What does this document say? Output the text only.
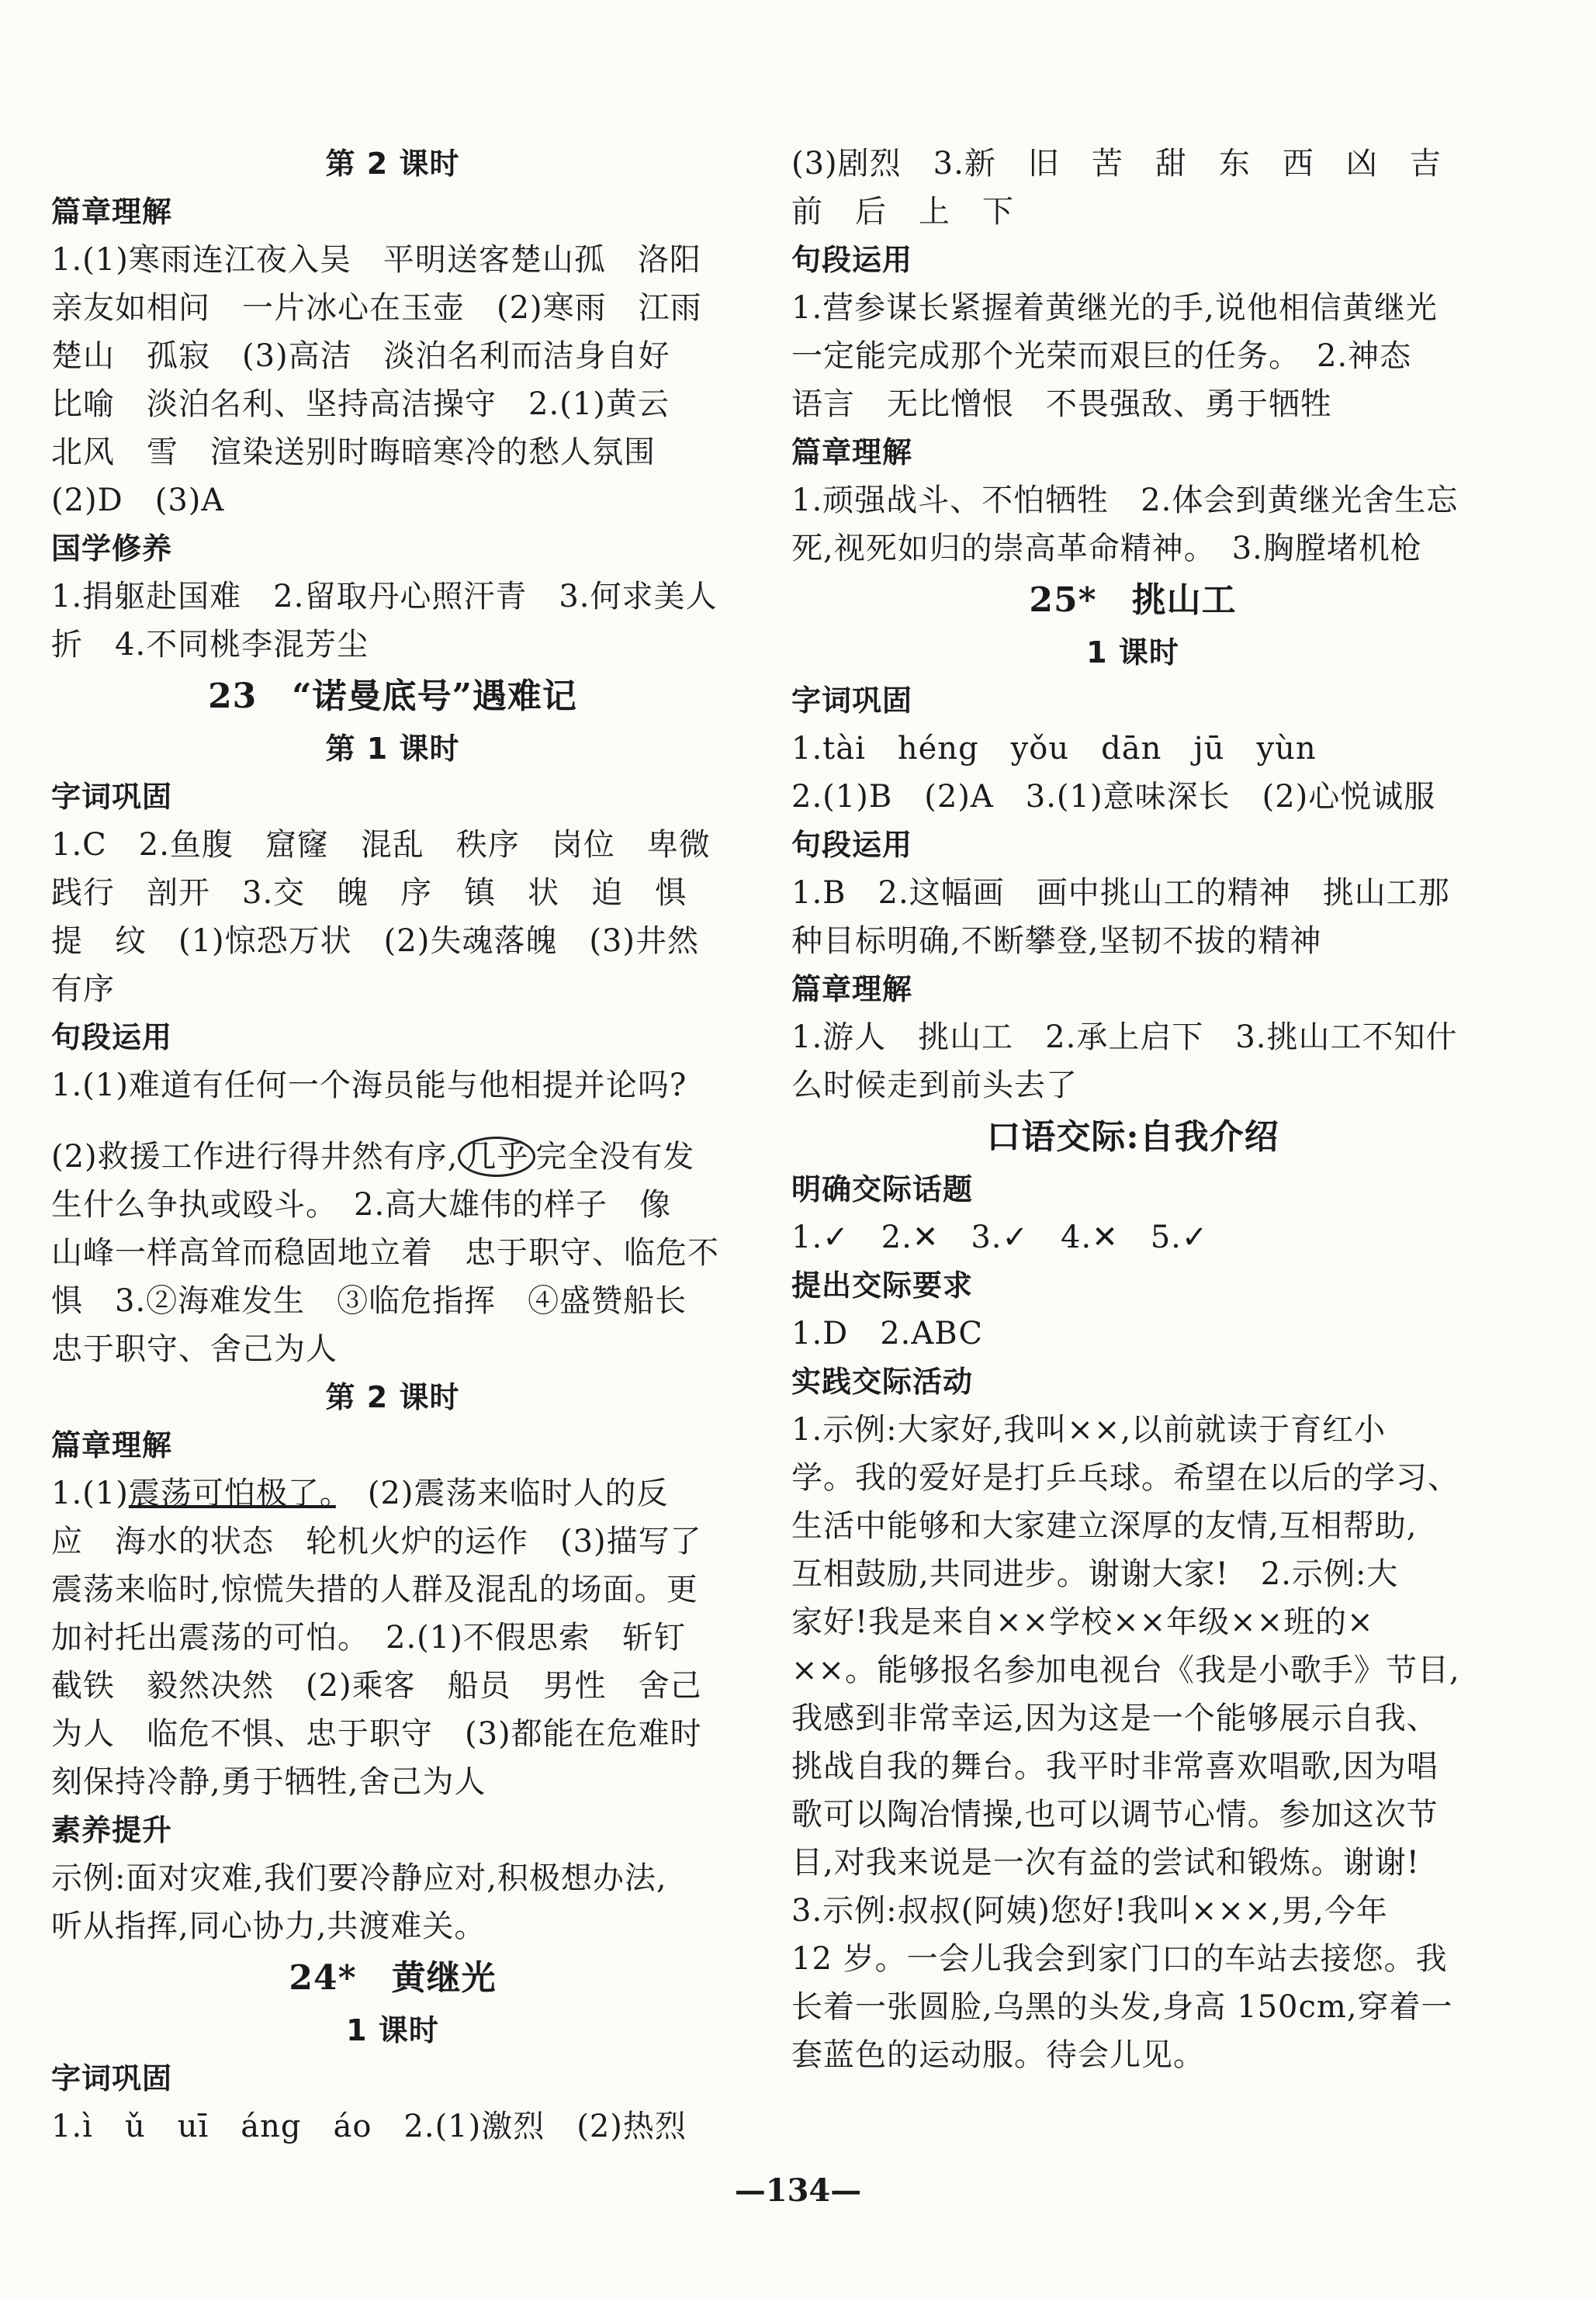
第 2 课时
篇章理解
1.(1)寒雨连江夜入吴　平明送客楚山孤　洛阳
亲友如相问　一片冰心在玉壶　(2)寒雨　江雨
楚山　孤寂　(3)高洁　淡泊名利而洁身自好
比喻　淡泊名利、坚持高洁操守　2.(1)黄云
北风　雪　渲染送别时晦暗寒冷的愁人氛围
(2)D　(3)A
国学修养
1.捐躯赴国难　2.留取丹心照汗青　3.何求美人
折　4.不同桃李混芳尘
23　“诺曼底号”遇难记
第 1 课时
字词巩固
1.C　2.鱼腹　窟窿　混乱　秩序　岗位　卑微
践行　剖开　3.交　魄　序　镇　状　迫　惧
提　纹　(1)惊恐万状　(2)失魂落魄　(3)井然
有序
句段运用
1.(1)难道有任何一个海员能与他相提并论吗?
(2)救援工作进行得井然有序, 几乎 完全没有发
生什么争执或殴斗。　2.高大雄伟的样子　像
山峰一样高耸而稳固地立着　忠于职守、临危不
惧　3.②海难发生　③临危指挥　④盛赞船长
忠于职守、舍己为人
第 2 课时
篇章理解
1.(1)震荡可怕极了。　(2)震荡来临时人的反
应　海水的状态　轮机火炉的运作　(3)描写了
震荡来临时,惊慌失措的人群及混乱的场面。更
加衬托出震荡的可怕。　2.(1)不假思索　斩钉
截铁　毅然决然　(2)乘客　船员　男性　舍己
为人　临危不惧、忠于职守　(3)都能在危难时
刻保持冷静,勇于牺牲,舍己为人
素养提升
示例:面对灾难,我们要冷静应对,积极想办法,
听从指挥,同心协力,共渡难关。
24*　黄继光
1 课时
字词巩固
1.ì　ǔ　uī　áng　áo　2.(1)激烈　(2)热烈
(3)剧烈　3.新　旧　苦　甜　东　西　凶　吉
前　后　上　下
句段运用
1.营参谋长紧握着黄继光的手,说他相信黄继光
一定能完成那个光荣而艰巨的任务。　2.神态
语言　无比憎恨　不畏强敌、勇于牺牲
篇章理解
1.顽强战斗、不怕牺牲　2.体会到黄继光舍生忘
死,视死如归的崇高革命精神。　3.胸膛堵机枪
25*　挑山工
1 课时
字词巩固
1.tài　héng　yǒu　dān　jū　yùn
2.(1)B　(2)A　3.(1)意味深长　(2)心悦诚服
句段运用
1.B　2.这幅画　画中挑山工的精神　挑山工那
种目标明确,不断攀登,坚韧不拔的精神
篇章理解
1.游人　挑山工　2.承上启下　3.挑山工不知什
么时候走到前头去了
口语交际:自我介绍
明确交际话题
1.✓　2.✕　3.✓　4.✕　5.✓
提出交际要求
1.D　2.ABC
实践交际活动
1.示例:大家好,我叫××,以前就读于育红小
学。我的爱好是打乒乓球。希望在以后的学习、
生活中能够和大家建立深厚的友情,互相帮助,
互相鼓励,共同进步。谢谢大家!　2.示例:大
家好!我是来自××学校××年级××班的×
××。能够报名参加电视台《我是小歌手》节目,
我感到非常幸运,因为这是一个能够展示自我、
挑战自我的舞台。我平时非常喜欢唱歌,因为唱
歌可以陶冶情操,也可以调节心情。参加这次节
目,对我来说是一次有益的尝试和锻炼。谢谢!
3.示例:叔叔(阿姨)您好!我叫×××,男,今年
12 岁。一会儿我会到家门口的车站去接您。我
长着一张圆脸,乌黑的头发,身高 150cm,穿着一
套蓝色的运动服。待会儿见。
—134—
